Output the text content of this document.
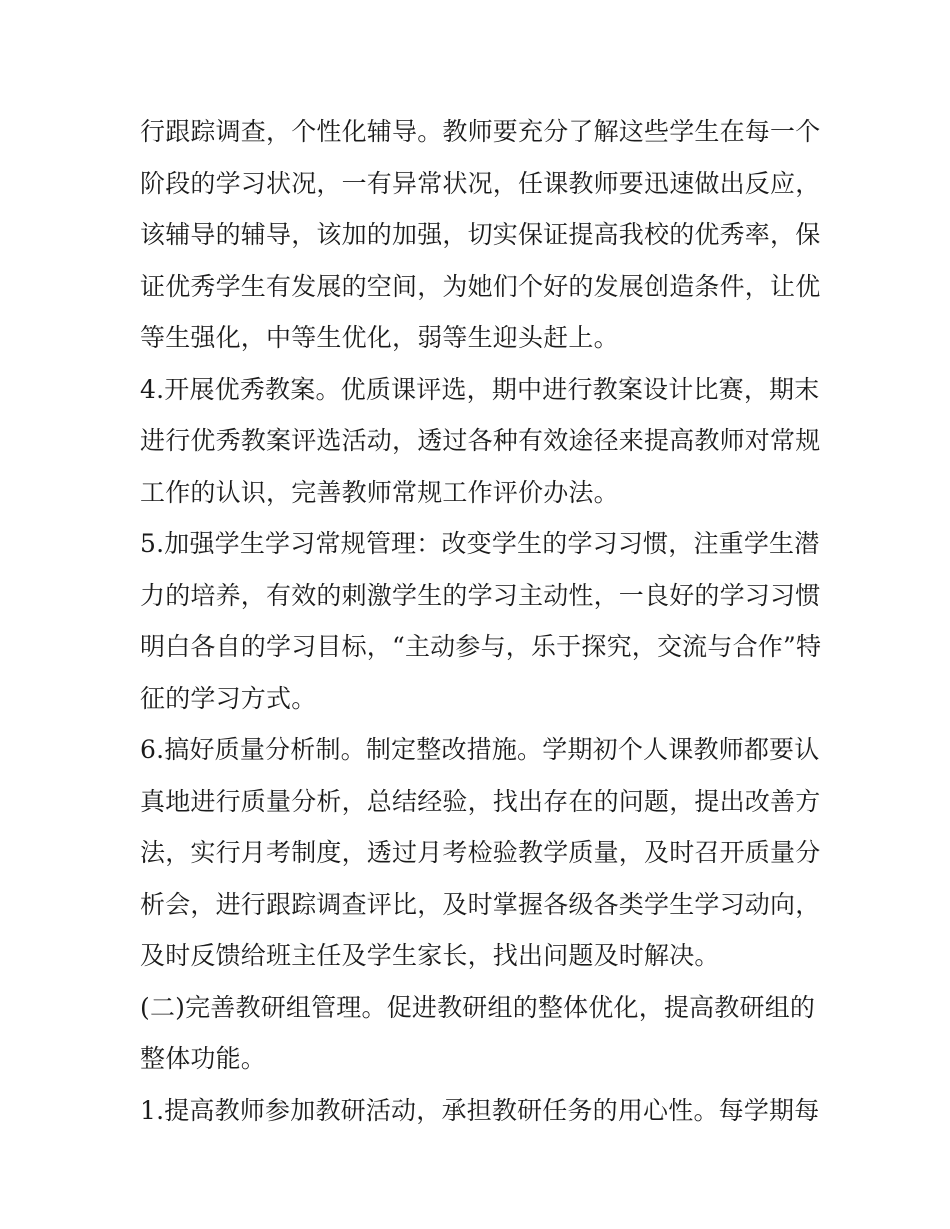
行跟踪调查，个性化辅导。教师要充分了解这些学生在每一个
阶段的学习状况，一有异常状况，任课教师要迅速做出反应，
该辅导的辅导，该加的加强，切实保证提高我校的优秀率，保
证优秀学生有发展的空间，为她们个好的发展创造条件，让优
等生强化，中等生优化，弱等生迎头赶上。
4.开展优秀教案。优质课评选，期中进行教案设计比赛，期末
进行优秀教案评选活动，透过各种有效途径来提高教师对常规
工作的认识，完善教师常规工作评价办法。
5.加强学生学习常规管理：改变学生的学习习惯，注重学生潜
力的培养，有效的刺激学生的学习主动性，一良好的学习习惯
明白各自的学习目标，“主动参与，乐于探究，交流与合作”特
征的学习方式。
6.搞好质量分析制。制定整改措施。学期初个人课教师都要认
真地进行质量分析，总结经验，找出存在的问题，提出改善方
法，实行月考制度，透过月考检验教学质量，及时召开质量分
析会，进行跟踪调查评比，及时掌握各级各类学生学习动向，
及时反馈给班主任及学生家长，找出问题及时解决。
(二)完善教研组管理。促进教研组的整体优化，提高教研组的
整体功能。
1.提高教师参加教研活动，承担教研任务的用心性。每学期每
